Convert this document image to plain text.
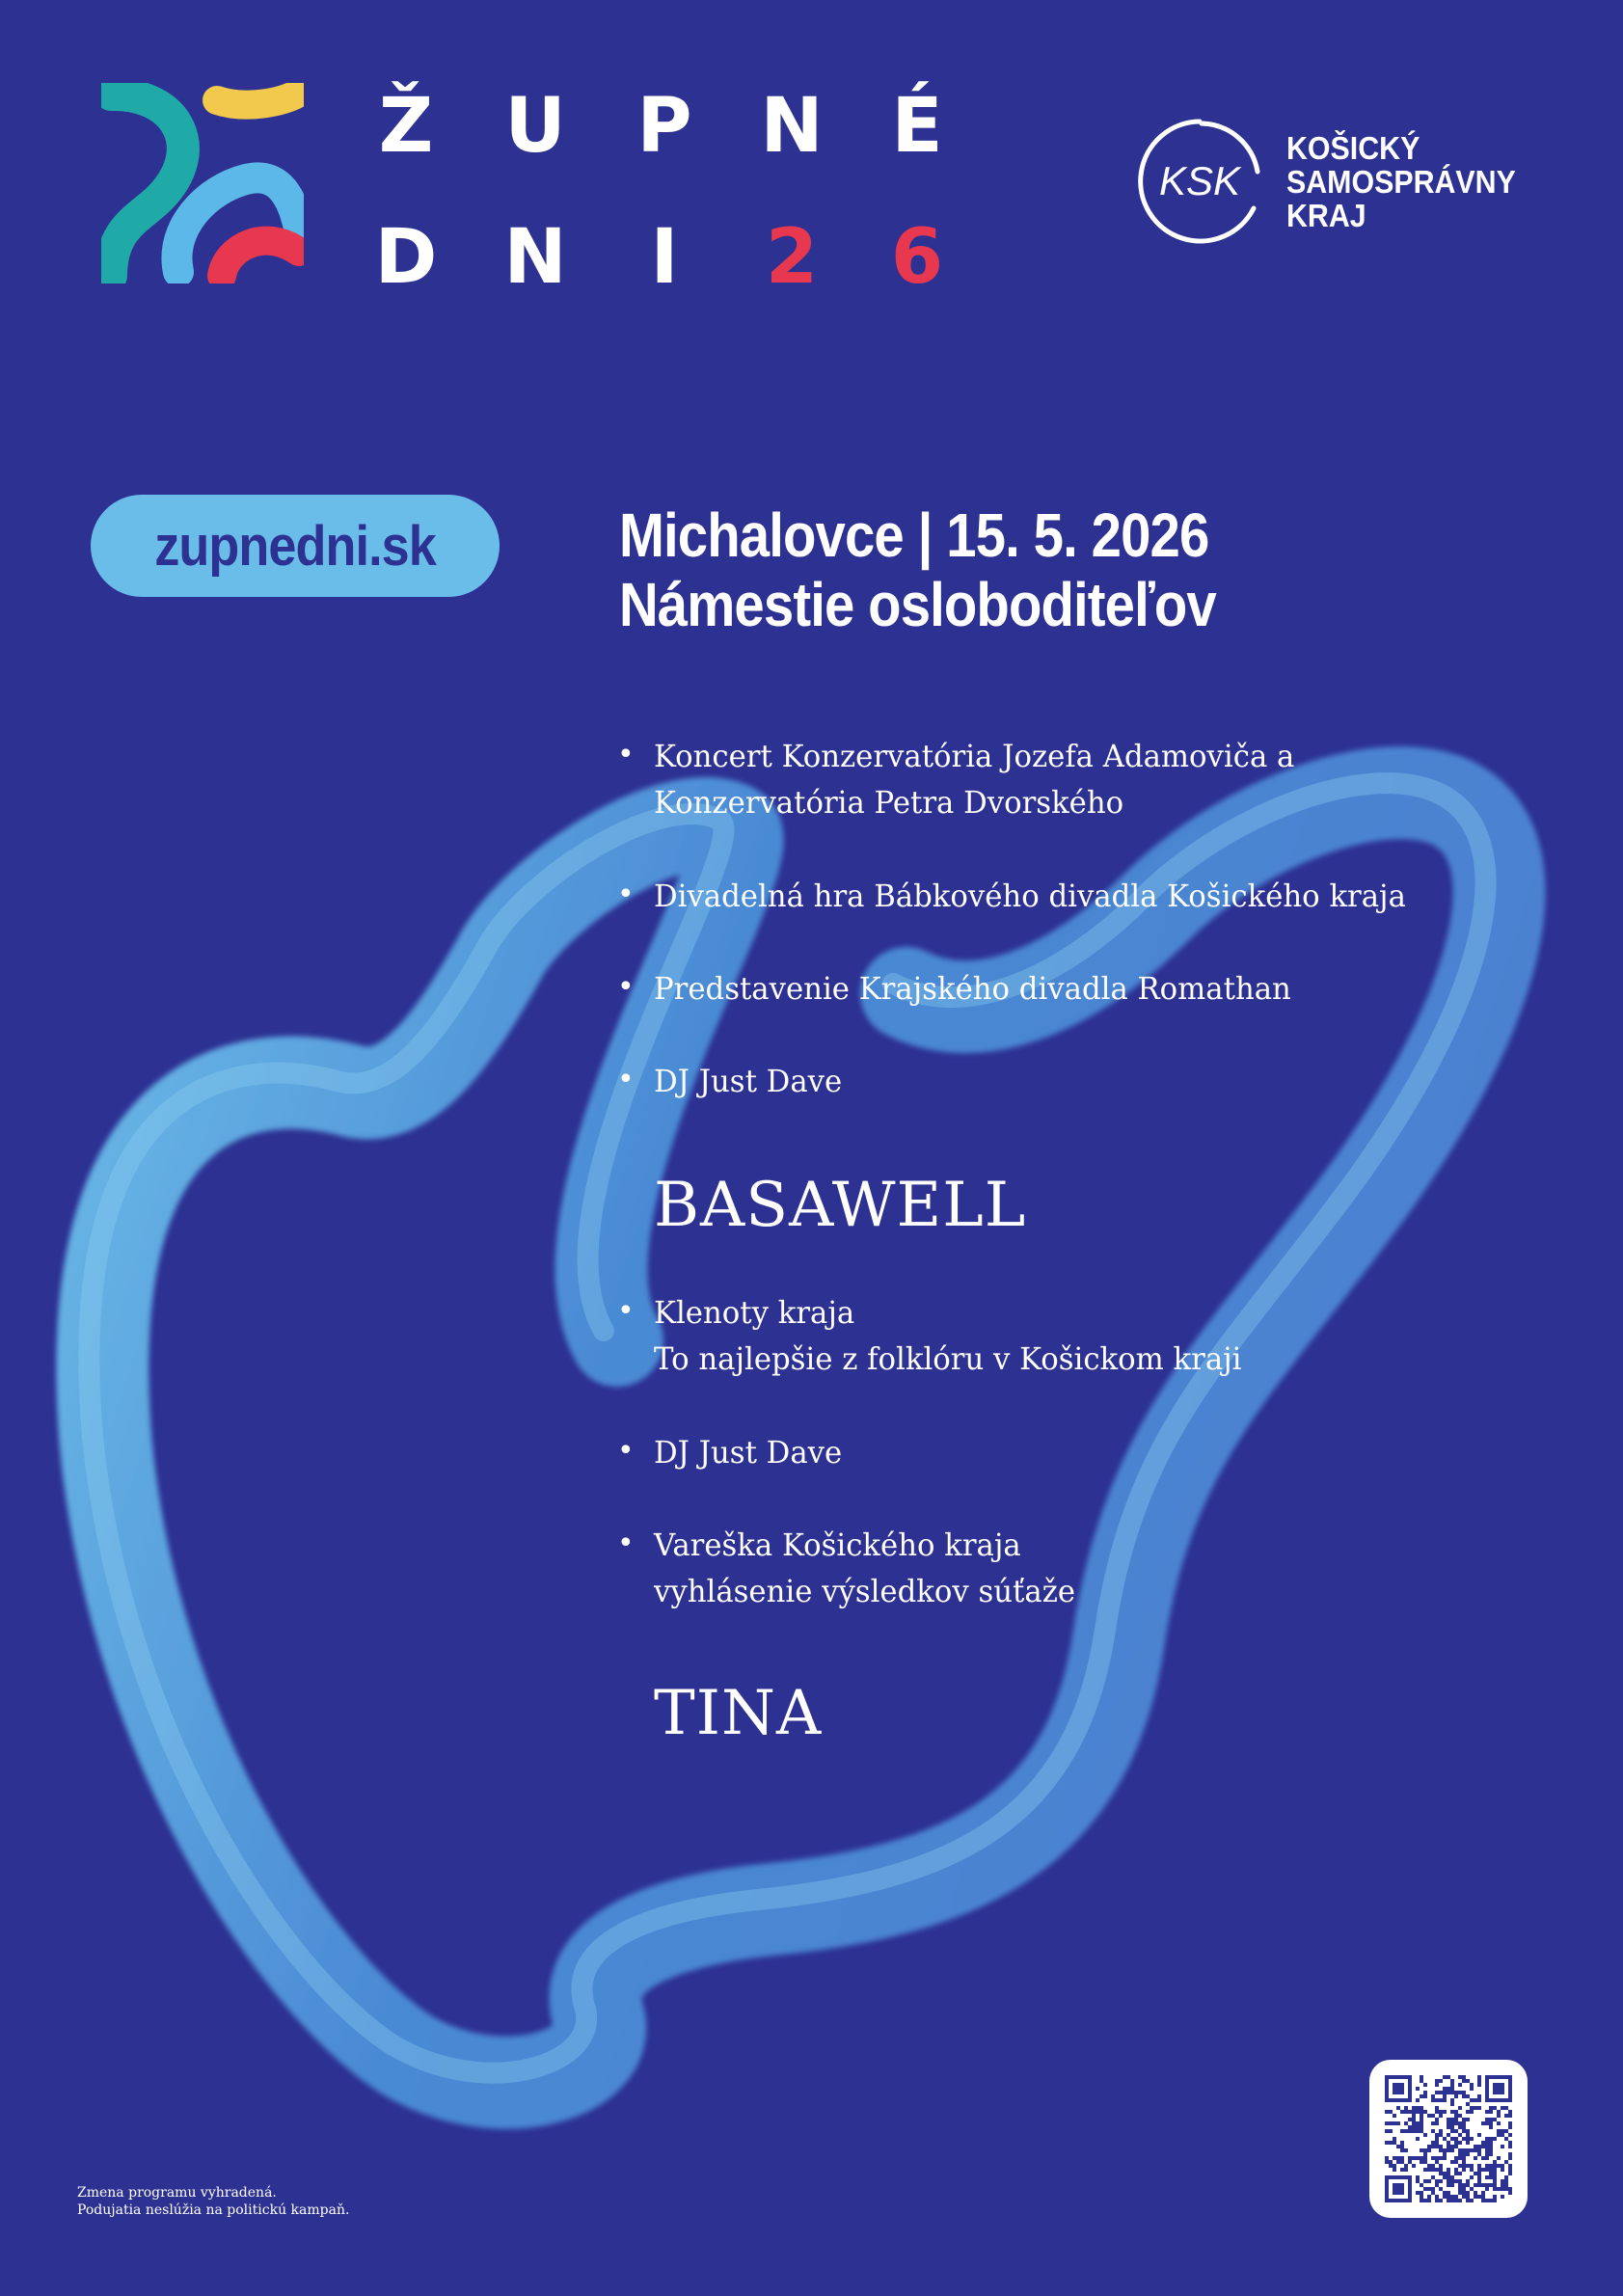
Ž U P N É
D N I 2 6
KSK
KOŠICKÝ
SAMOSPRÁVNY
KRAJ
zupnedni.sk	Michalovce | 15. 5. 2026
Námestie osloboditeľov
• Koncert Konzervatória Jozefa Adamoviča a
Konzervatória Petra Dvorského
• Divadelná hra Bábkového divadla Košického kraja
• Predstavenie Krajského divadla Romathan
• DJ Just Dave
BASAWELL
• Klenoty kraja
To najlepšie z folklóru v Košickom kraji
• DJ Just Dave
• Vareška Košického kraja
vyhlásenie výsledkov súťaže
TINA
Zmena programu vyhradená.
Podujatia neslúžia na politickú kampaň.
